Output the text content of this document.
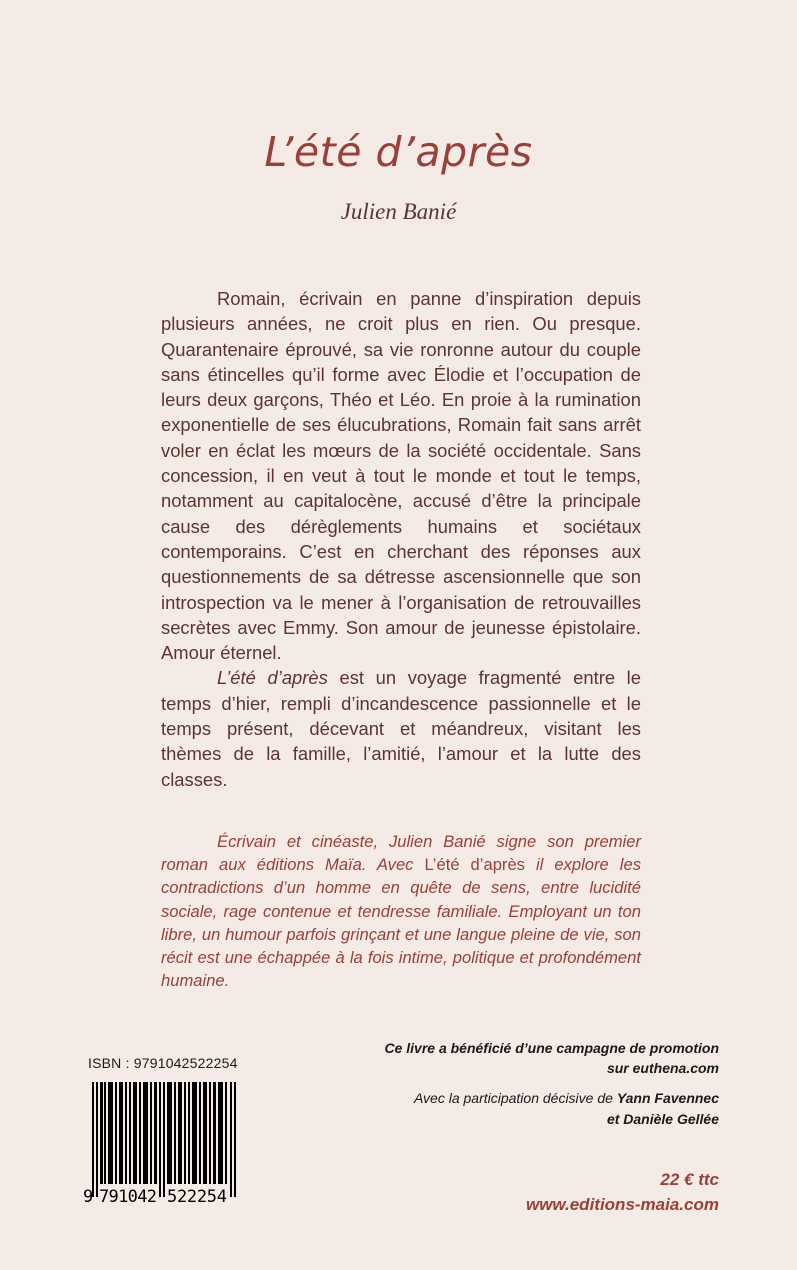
L’été d’après
Julien Banié

Romain, écrivain en panne d’inspiration depuis plusieurs années, ne croit plus en rien. Ou presque. Quarantenaire éprouvé, sa vie ronronne autour du couple sans étincelles qu’il forme avec Élodie et l’occupation de leurs deux garçons, Théo et Léo. En proie à la rumination exponentielle de ses élucubrations, Romain fait sans arrêt voler en éclat les mœurs de la société occidentale. Sans concession, il en veut à tout le monde et tout le temps, notamment au capitalocène, accusé d’être la principale cause des dérèglements humains et sociétaux contemporains. C’est en cherchant des réponses aux questionnements de sa détresse ascensionnelle que son introspection va le mener à l’organisation de retrouvailles secrètes avec Emmy. Son amour de jeunesse épistolaire. Amour éternel.

L’été d’après est un voyage fragmenté entre le temps d’hier, rempli d’incandescence passionnelle et le temps présent, décevant et méandreux, visitant les thèmes de la famille, l’amitié, l’amour et la lutte des classes.

Écrivain et cinéaste, Julien Banié signe son premier roman aux éditions Maïa. Avec L’été d’après il explore les contradictions d’un homme en quête de sens, entre lucidité sociale, rage contenue et tendresse familiale. Employant un ton libre, un humour parfois grinçant et une langue pleine de vie, son récit est une échappée à la fois intime, politique et profondément humaine.

ISBN : 9791042522254
9 791042 522254
Ce livre a bénéficié d’une campagne de promotion
sur euthena.com
Avec la participation décisive de Yann Favennec
et Danièle Gellée
22 € ttc
www.editions-maia.com
